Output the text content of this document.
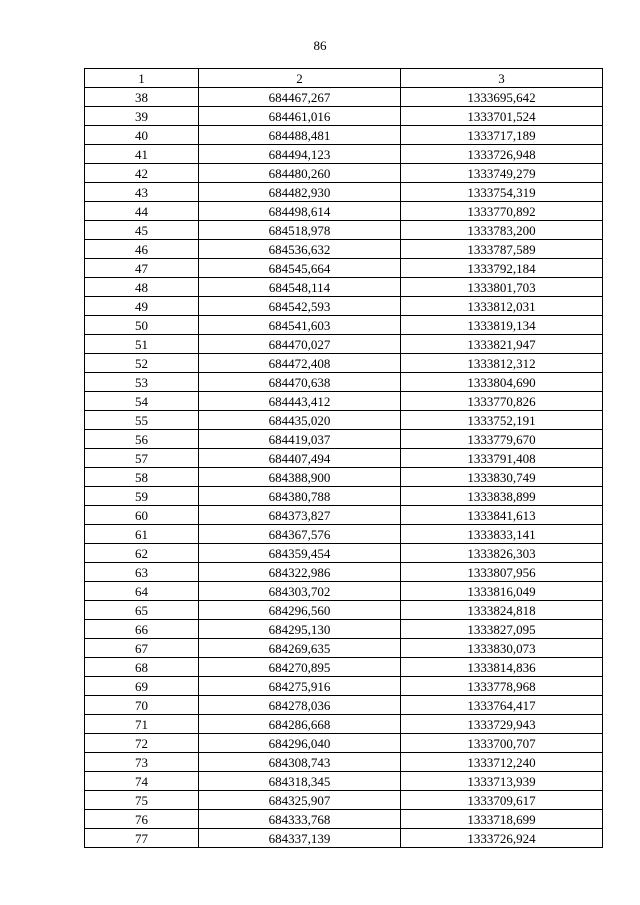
86
1	2	3
38	684467,267	1333695,642
39	684461,016	1333701,524
40	684488,481	1333717,189
41	684494,123	1333726,948
42	684480,260	1333749,279
43	684482,930	1333754,319
44	684498,614	1333770,892
45	684518,978	1333783,200
46	684536,632	1333787,589
47	684545,664	1333792,184
48	684548,114	1333801,703
49	684542,593	1333812,031
50	684541,603	1333819,134
51	684470,027	1333821,947
52	684472,408	1333812,312
53	684470,638	1333804,690
54	684443,412	1333770,826
55	684435,020	1333752,191
56	684419,037	1333779,670
57	684407,494	1333791,408
58	684388,900	1333830,749
59	684380,788	1333838,899
60	684373,827	1333841,613
61	684367,576	1333833,141
62	684359,454	1333826,303
63	684322,986	1333807,956
64	684303,702	1333816,049
65	684296,560	1333824,818
66	684295,130	1333827,095
67	684269,635	1333830,073
68	684270,895	1333814,836
69	684275,916	1333778,968
70	684278,036	1333764,417
71	684286,668	1333729,943
72	684296,040	1333700,707
73	684308,743	1333712,240
74	684318,345	1333713,939
75	684325,907	1333709,617
76	684333,768	1333718,699
77	684337,139	1333726,924
